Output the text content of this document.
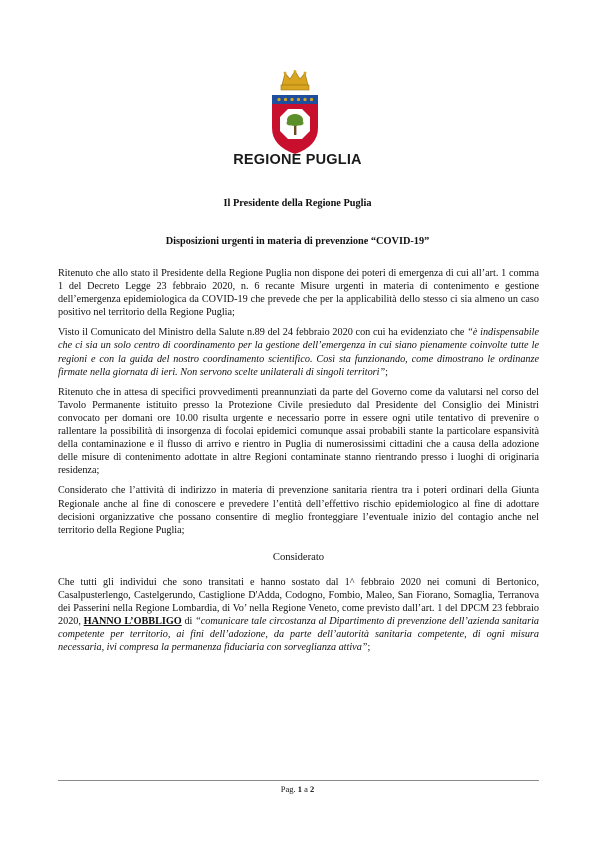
REGIONE PUGLIA
Il Presidente della Regione Puglia
Disposizioni urgenti in materia di prevenzione “COVID-19”

Ritenuto che allo stato il Presidente della Regione Puglia non dispone dei poteri di emergenza di cui all’art. 1 comma 1 del Decreto Legge 23 febbraio 2020, n. 6 recante Misure urgenti in materia di contenimento e gestione dell’emergenza epidemiologica da COVID-19 che prevede che per la applicabilità dello stesso ci sia almeno un caso positivo nel territorio della Regione Puglia;

Visto il Comunicato del Ministro della Salute n.89 del 24 febbraio 2020 con cui ha evidenziato che “è indispensabile che ci sia un solo centro di coordinamento per la gestione dell’emergenza in cui siano pienamente coinvolte tutte le regioni e con la guida del nostro coordinamento scientifico. Così sta funzionando, come dimostrano le ordinanze firmate nella giornata di ieri. Non servono scelte unilaterali di singoli territori”;

Ritenuto che in attesa di specifici provvedimenti preannunziati da parte del Governo come da valutarsi nel corso del Tavolo Permanente istituito presso la Protezione Civile presieduto dal Presidente del Consiglio dei Ministri convocato per domani ore 10.00 risulta urgente e necessario porre in essere ogni utile tentativo di prevenire o rallentare la possibilità di insorgenza di focolai epidemici comunque assai probabili stante la particolare espansività della contaminazione e il flusso di arrivo e rientro in Puglia di numerosissimi cittadini che a causa della adozione delle misure di contenimento adottate in altre Regioni contaminate stanno rientrando presso i luoghi di originaria residenza;

Considerato che l’attività di indirizzo in materia di prevenzione sanitaria rientra tra i poteri ordinari della Giunta Regionale anche al fine di conoscere e prevedere l’entità dell’effettivo rischio epidemiologico al fine di adottare decisioni organizzative che possano consentire di meglio fronteggiare l’eventuale inizio del contagio anche nel territorio della Regione Puglia;

Considerato

Che tutti gli individui che sono transitati e hanno sostato dal 1^ febbraio 2020 nei comuni di Bertonico, Casalpusterlengo, Castelgerundo, Castiglione D'Adda, Codogno, Fombio, Maleo, San Fiorano, Somaglia, Terranova dei Passerini nella Regione Lombardia, di Vo’ nella Regione Veneto, come previsto dall’art. 1 del DPCM 23 febbraio 2020, HANNO L’OBBLIGO di “comunicare tale circostanza al Dipartimento di prevenzione dell’azienda sanitaria competente per territorio, ai fini dell’adozione, da parte dell’autorità sanitaria competente, di ogni misura necessaria, ivi compresa la permanenza fiduciaria con sorveglianza attiva”;

Pag. 1 a 2
